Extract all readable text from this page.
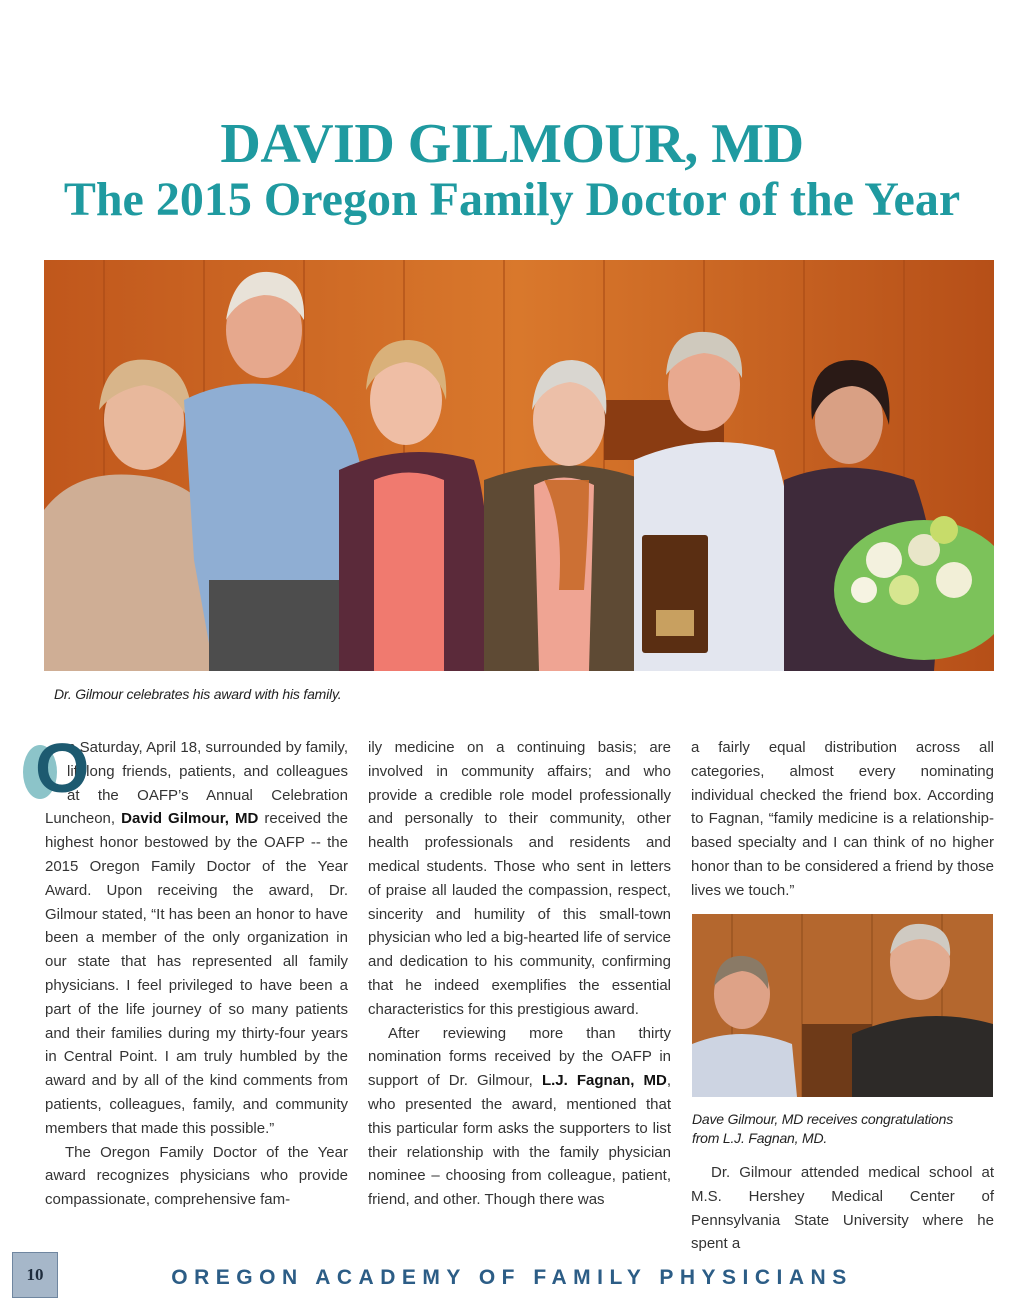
DAVID GILMOUR, MD
The 2015 Oregon Family Doctor of the Year
Dr. Gilmour celebrates his award with his family.

O
n Saturday, April 18, surrounded by family, lifelong friends, patients, and colleagues at the OAFP’s Annual Celebration Luncheon, David Gilmour, MD received the highest honor bestowed by the OAFP -- the 2015 Oregon Family Doctor of the Year Award. Upon receiving the award, Dr. Gilmour stated, “It has been an honor to have been a member of the only organization in our state that has represented all family physicians. I feel privileged to have been a part of the life journey of so many patients and their families during my thirty-four years in Central Point. I am truly humbled by the award and by all of the kind comments from patients, colleagues, family, and community members that made this possible.”

The Oregon Family Doctor of the Year award recognizes physicians who provide compassionate, comprehensive fam-

ily medicine on a continuing basis; are involved in community affairs; and who provide a credible role model professionally and personally to their community, other health professionals and residents and medical students. Those who sent in letters of praise all lauded the compassion, respect, sincerity and humility of this small-town physician who led a big-hearted life of service and dedication to his community, confirming that he indeed exemplifies the essential characteristics for this prestigious award.

After reviewing more than thirty nomination forms received by the OAFP in support of Dr. Gilmour, L.J. Fagnan, MD, who presented the award, mentioned that this particular form asks the supporters to list their relationship with the family physician nominee – choosing from colleague, patient, friend, and other. Though there was

a fairly equal distribution across all categories, almost every nominating individual checked the friend box. According to Fagnan, “family medicine is a relationship-based specialty and I can think of no higher honor than to be considered a friend by those lives we touch.”

Dave Gilmour, MD receives congratulations
from L.J. Fagnan, MD.

Dr. Gilmour attended medical school at M.S. Hershey Medical Center of Pennsylvania State University where he spent a

10	OREGON ACADEMY OF FAMILY PHYSICIANS
